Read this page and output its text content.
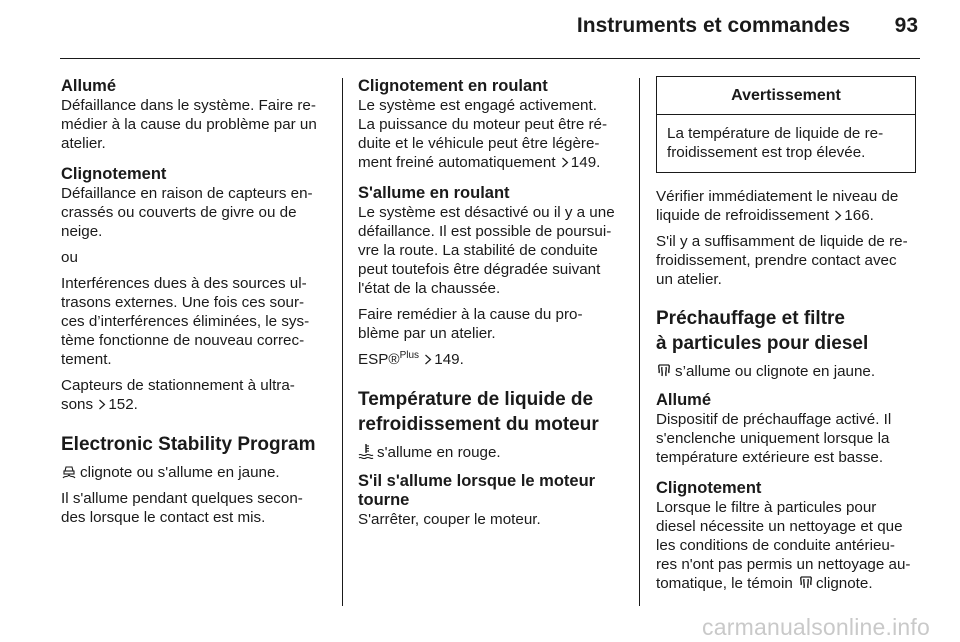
Instruments et commandes	93
Allumé
Défaillance dans le système. Faire re-
médier à la cause du problème par un
atelier.
Clignotement
Défaillance en raison de capteurs en-
crassés ou couverts de givre ou de
neige.
ou
Interférences dues à des sources ul-
trasons externes. Une fois ces sour-
ces d’interférences éliminées, le sys-
tème fonctionne de nouveau correc-
tement.
Capteurs de stationnement à ultra-
sons 152.
Electronic Stability Program
clignote ou s'allume en jaune.
Il s'allume pendant quelques secon-
des lorsque le contact est mis.
Clignotement en roulant
Le système est engagé activement.
La puissance du moteur peut être ré-
duite et le véhicule peut être légère-
ment freiné automatiquement 149.
S'allume en roulant
Le système est désactivé ou il y a une
défaillance. Il est possible de poursui-
vre la route. La stabilité de conduite
peut toutefois être dégradée suivant
l'état de la chaussée.
Faire remédier à la cause du pro-
blème par un atelier.
ESP®$^{Plus}$ 149.
Température de liquide de
refroidissement du moteur
s'allume en rouge.
S'il s'allume lorsque le moteur
tourne
S'arrêter, couper le moteur.
Avertissement
La température de liquide de re-
froidissement est trop élevée.
Vérifier immédiatement le niveau de
liquide de refroidissement 166.
S'il y a suffisamment de liquide de re-
froidissement, prendre contact avec
un atelier.
Préchauffage et filtre
à particules pour diesel
s’allume ou clignote en jaune.
Allumé
Dispositif de préchauffage activé. Il
s'enclenche uniquement lorsque la
température extérieure est basse.
Clignotement
Lorsque le filtre à particules pour
diesel nécessite un nettoyage et que
les conditions de conduite antérieu-
res n'ont pas permis un nettoyage au-
tomatique, le témoin clignote.
carmanualsonline.info
